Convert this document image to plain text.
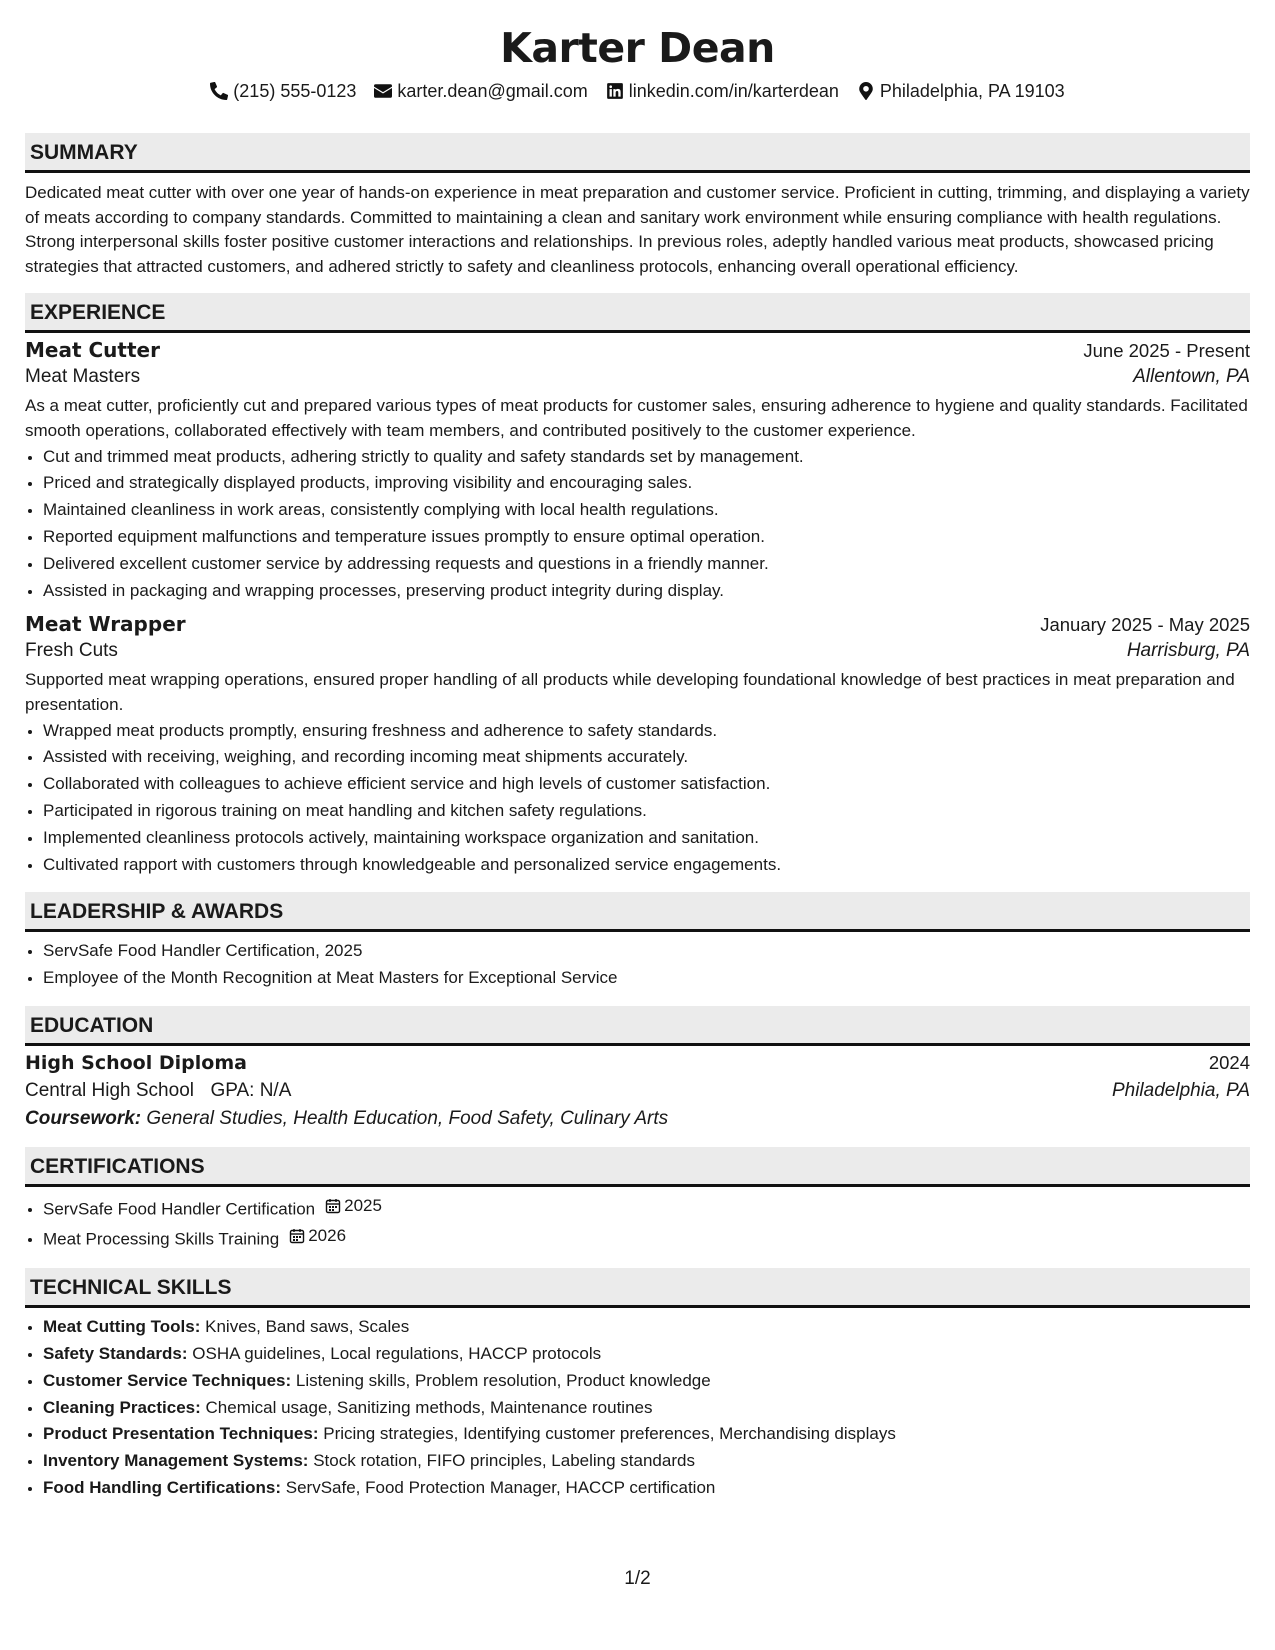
Karter Dean
(215) 555-0123 karter.dean@gmail.com linkedin.com/in/karterdean Philadelphia, PA 19103
SUMMARY

Dedicated meat cutter with over one year of hands-on experience in meat preparation and customer service. Proficient in cutting, trimming, and displaying a variety of meats according to company standards. Committed to maintaining a clean and sanitary work environment while ensuring compliance with health regulations. Strong interpersonal skills foster positive customer interactions and relationships. In previous roles, adeptly handled various meat products, showcased pricing strategies that attracted customers, and adhered strictly to safety and cleanliness protocols, enhancing overall operational efficiency.

EXPERIENCE
Meat Cutter	June 2025 - Present
Meat Masters	Allentown, PA

As a meat cutter, proficiently cut and prepared various types of meat products for customer sales, ensuring adherence to hygiene and quality standards. Facilitated smooth operations, collaborated effectively with team members, and contributed positively to the customer experience.

• Cut and trimmed meat products, adhering strictly to quality and safety standards set by management.
• Priced and strategically displayed products, improving visibility and encouraging sales.
• Maintained cleanliness in work areas, consistently complying with local health regulations.
• Reported equipment malfunctions and temperature issues promptly to ensure optimal operation.
• Delivered excellent customer service by addressing requests and questions in a friendly manner.
• Assisted in packaging and wrapping processes, preserving product integrity during display.
Meat Wrapper	January 2025 - May 2025
Fresh Cuts	Harrisburg, PA

Supported meat wrapping operations, ensured proper handling of all products while developing foundational knowledge of best practices in meat preparation and presentation.

• Wrapped meat products promptly, ensuring freshness and adherence to safety standards.
• Assisted with receiving, weighing, and recording incoming meat shipments accurately.
• Collaborated with colleagues to achieve efficient service and high levels of customer satisfaction.
• Participated in rigorous training on meat handling and kitchen safety regulations.
• Implemented cleanliness protocols actively, maintaining workspace organization and sanitation.
• Cultivated rapport with customers through knowledgeable and personalized service engagements.
LEADERSHIP & AWARDS
• ServSafe Food Handler Certification, 2025
• Employee of the Month Recognition at Meat Masters for Exceptional Service
EDUCATION
High School Diploma	2024
Central High School GPA: N/A	Philadelphia, PA
Coursework: General Studies, Health Education, Food Safety, Culinary Arts
CERTIFICATIONS
• ServSafe Food Handler Certification 2025
• Meat Processing Skills Training 2026
TECHNICAL SKILLS
• Meat Cutting Tools: Knives, Band saws, Scales
• Safety Standards: OSHA guidelines, Local regulations, HACCP protocols
• Customer Service Techniques: Listening skills, Problem resolution, Product knowledge
• Cleaning Practices: Chemical usage, Sanitizing methods, Maintenance routines
• Product Presentation Techniques: Pricing strategies, Identifying customer preferences, Merchandising displays
• Inventory Management Systems: Stock rotation, FIFO principles, Labeling standards
• Food Handling Certifications: ServSafe, Food Protection Manager, HACCP certification
1/2
